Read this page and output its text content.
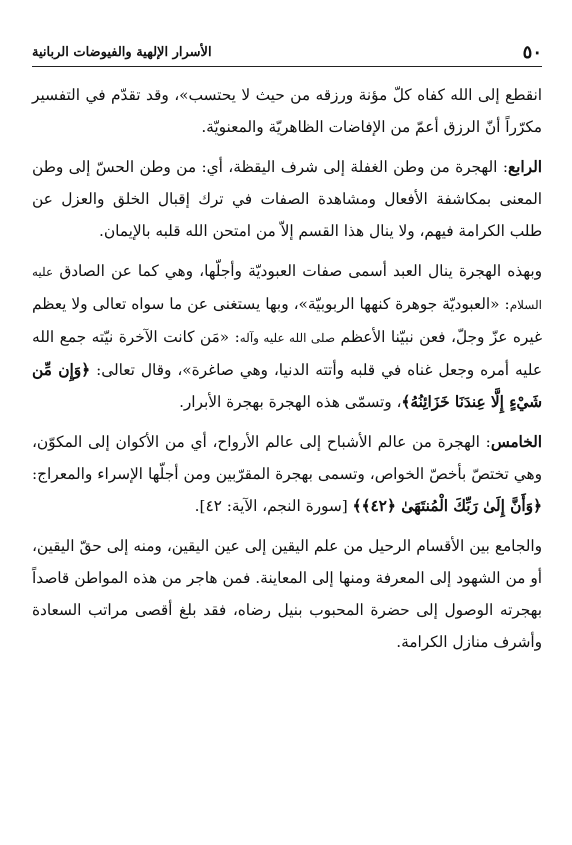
٥٠
الأسرار الإلهية والفيوضات الربانية

انقطع إلى الله كفاه كلّ مؤنة ورزقه من حيث لا يحتسب»، وقد تقدّم في التفسير مكرّراً أنّ الرزق أعمّ من الإفاضات الظاهريّة والمعنويّة.

الرابع: الهجرة من وطن الغفلة إلى شرف اليقظة، أي: من وطن الحسّ إلى وطن المعنى بمكاشفة الأفعال ومشاهدة الصفات في ترك إقبال الخلق والعزل عن طلب الكرامة فيهم، ولا ينال هذا القسم إلاّ من امتحن الله قلبه بالإيمان.

وبهذه الهجرة ينال العبد أسمى صفات العبوديّة وأجلّها، وهي كما عن الصادق عليه السلام: «العبوديّة جوهرة كنهها الربوبيّة»، وبها يستغنى عن ما سواه تعالى ولا يعظم غيره عزّ وجلّ، فعن نبيّنا الأعظم صلى الله عليه وآله: «مَن كانت الآخرة نيّته جمع الله عليه أمره وجعل غناه في قلبه وأتته الدنيا، وهي صاغرة»، وقال تعالى: ﴿وَإِن مِّن شَيْءٍ إِلَّا عِندَنَا خَزَائِنُهُ﴾، وتسمّى هذه الهجرة بهجرة الأبرار.

الخامس: الهجرة من عالم الأشباح إلى عالم الأرواح، أي من الأكوان إلى المكوّن، وهي تختصّ بأخصّ الخواص، وتسمى بهجرة المقرّبين ومن أجلّها الإسراء والمعراج: ﴿وَأَنَّ إِلَىٰ رَبِّكَ الْمُنتَهَىٰ ﴿٤٢﴾﴾ [سورة النجم، الآية: ٤٢].

والجامع بين الأقسام الرحيل من علم اليقين إلى عين اليقين، ومنه إلى حقّ اليقين، أو من الشهود إلى المعرفة ومنها إلى المعاينة. فمن هاجر من هذه المواطن قاصداً بهجرته الوصول إلى حضرة المحبوب بنيل رضاه، فقد بلغ أقصى مراتب السعادة وأشرف منازل الكرامة.
